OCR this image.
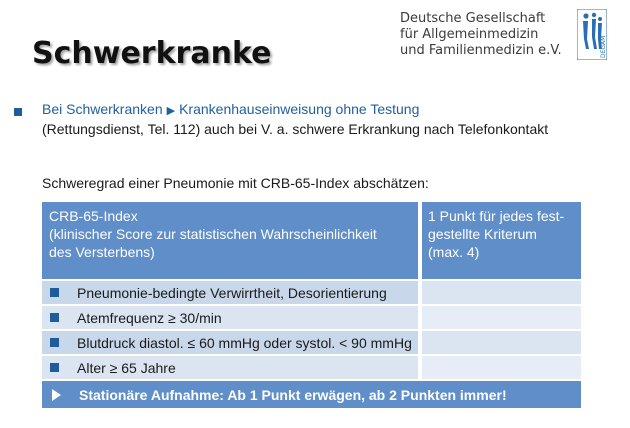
Schwerkranke
Deutsche Gesellschaft
für Allgemeinmedizin
und Familienmedizin e.V.	DEGAM
Bei Schwerkranken ▶ Krankenhauseinweisung ohne Testung
(Rettungsdienst, Tel. 112) auch bei V. a. schwere Erkrankung nach Telefonkontakt
Schweregrad einer Pneumonie mit CRB-65-Index abschätzen:
CRB-65-Index
(klinischer Score zur statistischen Wahrscheinlichkeit
des Versterbens)
1 Punkt für jedes fest-
gestellte Kriterum
(max. 4)
Pneumonie-bedingte Verwirrtheit, Desorientierung
Atemfrequenz ≥ 30/min
Blutdruck diastol. ≤ 60 mmHg oder systol. < 90 mmHg
Alter ≥ 65 Jahre
Stationäre Aufnahme: Ab 1 Punkt erwägen, ab 2 Punkten immer!
